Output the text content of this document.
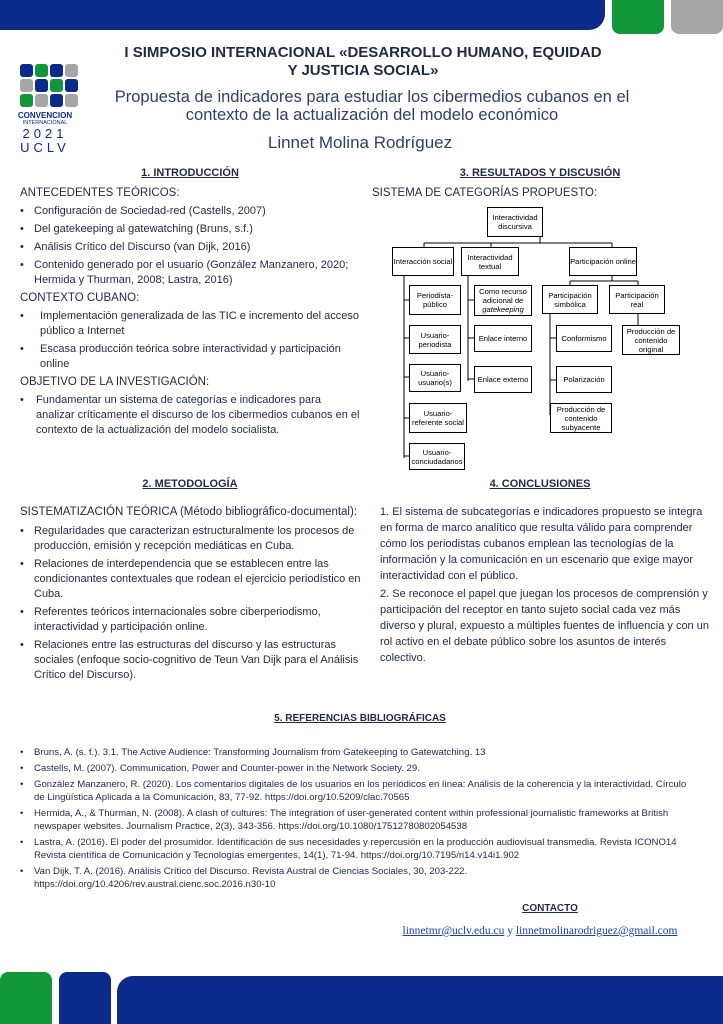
CONVENCION
INTERNACIONAL
2021
UCLV
I SIMPOSIO INTERNACIONAL «DESARROLLO HUMANO, EQUIDAD Y JUSTICIA SOCIAL»
Propuesta de indicadores para estudiar los cibermedios cubanos en el contexto de la actualización del modelo económico
Linnet Molina Rodríguez
1. INTRODUCCIÓN

ANTECEDENTES TEÓRICOS:

• Configuración de Sociedad-red (Castells, 2007)
• Del gatekeeping al gatewatching (Bruns, s.f.)
• Análisis Crítico del Discurso (van Dijk, 2016)
• Contenido generado por el usuario (González Manzanero, 2020; Hermida y Thurman, 2008; Lastra, 2016)

CONTEXTO CUBANO:

• Implementación generalizada de las TIC e incremento del acceso público a Internet
• Escasa producción teórica sobre interactividad y participación online

OBJETIVO DE LA INVESTIGACIÓN:

• Fundamentar un sistema de categorías e indicadores para analizar críticamente el discurso de los cibermedios cubanos en el contexto de la actualización del modelo socialista.
2. METODOLOGÍA

SISTEMATIZACIÓN TEÓRICA (Método bibliográfico-documental):

• Regularidades que caracterizan estructuralmente los procesos de producción, emisión y recepción mediáticas en Cuba.
• Relaciones de interdependencia que se establecen entre las condicionantes contextuales que rodean el ejercicio periodístico en Cuba.
• Referentes teóricos internacionales sobre ciberperiodismo, interactividad y participación online.
• Relaciones entre las estructuras del discurso y las estructuras sociales (enfoque socio-cognitivo de Teun Van Dijk para el Análisis Crítico del Discurso).
3. RESULTADOS Y DISCUSIÓN
SISTEMA DE CATEGORÍAS PROPUESTO:
Interactividad discursiva
Interacción social	Interactividad textual	Participación online
Periodista-público
Usuario-periodista
Usuario-usuario(s)
Usuario-referente social
Usuario-conciudadanos
Como recurso adicional de
gatekeeping
Enlace interno
Enlace externo
Participación simbólica
Participación real
Conformismo
Producción de contenido original
Polarización
Producción de contenido subyacente
4. CONCLUSIONES

1. El sistema de subcategorías e indicadores propuesto se integra en forma de marco analítico que resulta válido para comprender cómo los periodistas cubanos emplean las tecnologías de la información y la comunicación en un escenario que exige mayor interactividad con el público.

2. Se reconoce el papel que juegan los procesos de comprensión y participación del receptor en tanto sujeto social cada vez más diverso y plural, expuesto a múltiples fuentes de influencia y con un rol activo en el debate público sobre los asuntos de interés colectivo.

5. REFERENCIAS BIBLIOGRÁFICAS
• Bruns, A. (s. f.). 3.1. The Active Audience: Transforming Journalism from Gatekeeping to Gatewatching. 13
• Castells, M. (2007). Communication, Power and Counter-power in the Network Society. 29.
• González Manzanero, R. (2020). Los comentarios digitales de los usuarios en los periódicos en línea: Análisis de la coherencia y la interactividad. Círculo de Lingüística Aplicada a la Comunicación, 83, 77-92. https://doi.org/10.5209/clac.70565
• Hermida, A., & Thurman, N. (2008). A clash of cultures: The integration of user-generated content within professional journalistic frameworks at British newspaper websites. Journalism Practice, 2(3), 343-356. https://doi.org/10.1080/17512780802054538
• Lastra, A. (2016). El poder del prosumidor. Identificación de sus necesidades y repercusión en la producción audiovisual transmedia. Revista ICONO14 Revista científica de Comunicación y Tecnologías emergentes, 14(1), 71-94. https://doi.org/10.7195/ri14.v14i1.902
• Van Dijk, T. A. (2016). Análisis Crítico del Discurso. Revista Austral de Ciencias Sociales, 30, 203-222. https://doi.org/10.4206/rev.austral.cienc.soc.2016.n30-10
CONTACTO
linnetmr@uclv.edu.cu y linnetmolinarodriguez@gmail.com
